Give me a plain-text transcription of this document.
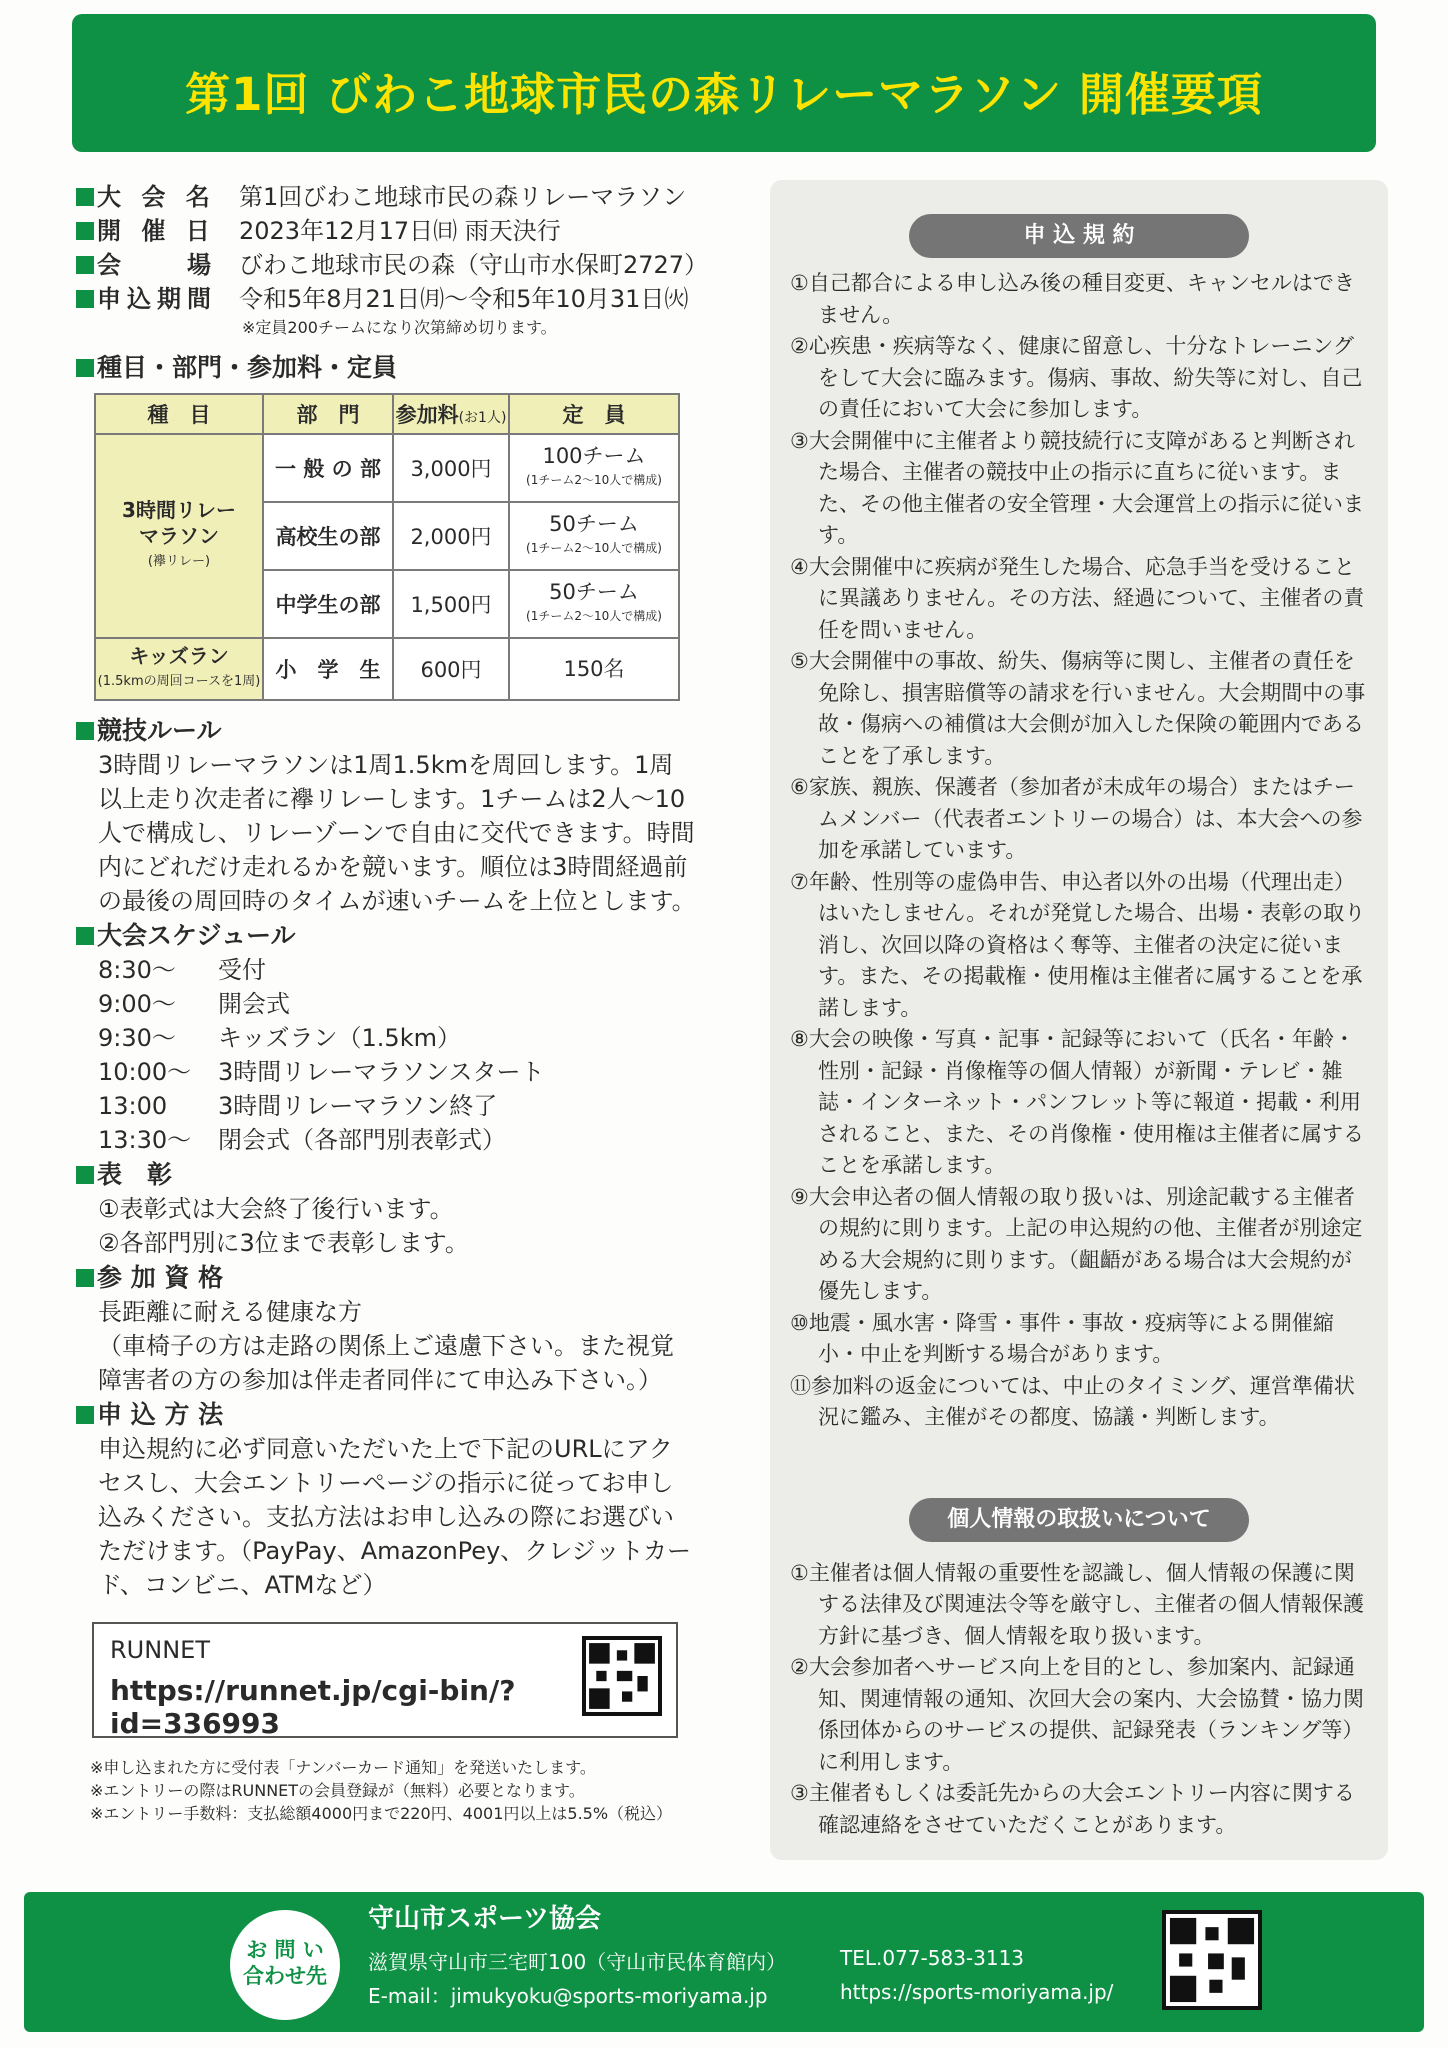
第1回 びわこ地球市民の森リレーマラソン 開催要項
大 会 名 第1回びわこ地球市民の森リレーマラソン
開 催 日 2023年12月17日㈰ 雨天決行
会　　場 びわこ地球市民の森（守山市水保町2727）
申込期間 令和5年8月21日㈪〜令和5年10月31日㈫
※定員200チームになり次第締め切ります。
種目・部門・参加料・定員
種　目	部　門	参加料(お1人)	定　員
3時間リレー
マラソン
(襷リレー)	一 般 の 部	3,000円	100チーム
(1チーム2〜10人で構成)

	高校生の部	2,000円	50チーム
(1チーム2〜10人で構成)

	中学生の部	1,500円	50チーム
(1チーム2〜10人で構成)

キッズラン
(1.5kmの周回コースを1周)	小　学　生	600円	150名
競技ルール
3時間リレーマラソンは1周1.5kmを周回します。1周以上走り次走者に襷リレーします。1チームは2人〜10人で構成し、リレーゾーンで自由に交代できます。時間内にどれだけ走れるかを競います。順位は3時間経過前の最後の周回時のタイムが速いチームを上位とします。
大会スケジュール
8:30〜 受付
9:00〜 開会式
9:30〜 キッズラン（1.5km）
10:00〜 3時間リレーマラソンスタート
13:00 3時間リレーマラソン終了
13:30〜 閉会式（各部門別表彰式）
表　彰
①表彰式は大会終了後行います。
②各部門別に3位まで表彰します。
参 加 資 格
長距離に耐える健康な方
（車椅子の方は走路の関係上ご遠慮下さい。また視覚障害者の方の参加は伴走者同伴にて申込み下さい。）
申 込 方 法
申込規約に必ず同意いただいた上で下記のURLにアクセスし、大会エントリーページの指示に従ってお申し込みください。支払方法はお申し込みの際にお選びいただけます。（PayPay、AmazonPey、クレジットカード、コンビニ、ATMなど）
RUNNET
https://runnet.jp/cgi-bin/?id=336993
※申し込まれた方に受付表「ナンバーカード通知」を発送いたします。
※エントリーの際はRUNNETの会員登録が（無料）必要となります。
※エントリー手数料：支払総額4000円まで220円、4001円以上は5.5%（税込）
申 込 規 約
①自己都合による申し込み後の種目変更、キャンセルはできません。
②心疾患・疾病等なく、健康に留意し、十分なトレーニングをして大会に臨みます。傷病、事故、紛失等に対し、自己の責任において大会に参加します。
③大会開催中に主催者より競技続行に支障があると判断された場合、主催者の競技中止の指示に直ちに従います。また、その他主催者の安全管理・大会運営上の指示に従います。
④大会開催中に疾病が発生した場合、応急手当を受けることに異議ありません。その方法、経過について、主催者の責任を問いません。
⑤大会開催中の事故、紛失、傷病等に関し、主催者の責任を免除し、損害賠償等の請求を行いません。大会期間中の事故・傷病への補償は大会側が加入した保険の範囲内であることを了承します。
⑥家族、親族、保護者（参加者が未成年の場合）またはチームメンバー（代表者エントリーの場合）は、本大会への参加を承諾しています。
⑦年齢、性別等の虚偽申告、申込者以外の出場（代理出走）はいたしません。それが発覚した場合、出場・表彰の取り消し、次回以降の資格はく奪等、主催者の決定に従います。また、その掲載権・使用権は主催者に属することを承諾します。
⑧大会の映像・写真・記事・記録等において（氏名・年齢・性別・記録・肖像権等の個人情報）が新聞・テレビ・雑誌・インターネット・パンフレット等に報道・掲載・利用されること、また、その肖像権・使用権は主催者に属することを承諾します。
⑨大会申込者の個人情報の取り扱いは、別途記載する主催者の規約に則ります。上記の申込規約の他、主催者が別途定める大会規約に則ります。（齟齬がある場合は大会規約が優先します。
⑩地震・風水害・降雪・事件・事故・疫病等による開催縮小・中止を判断する場合があります。
⑪参加料の返金については、中止のタイミング、運営準備状況に鑑み、主催がその都度、協議・判断します。
個人情報の取扱いについて
①主催者は個人情報の重要性を認識し、個人情報の保護に関する法律及び関連法令等を厳守し、主催者の個人情報保護方針に基づき、個人情報を取り扱います。
②大会参加者へサービス向上を目的とし、参加案内、記録通知、関連情報の通知、次回大会の案内、大会協賛・協力関係団体からのサービスの提供、記録発表（ランキング等）に利用します。
③主催者もしくは委託先からの大会エントリー内容に関する確認連絡をさせていただくことがあります。
お 問 い
合わせ先
守山市スポーツ協会
滋賀県守山市三宅町100（守山市民体育館内）	TEL.077-583-3113
E-mail：jimukyoku@sports-moriyama.jp	https://sports-moriyama.jp/
